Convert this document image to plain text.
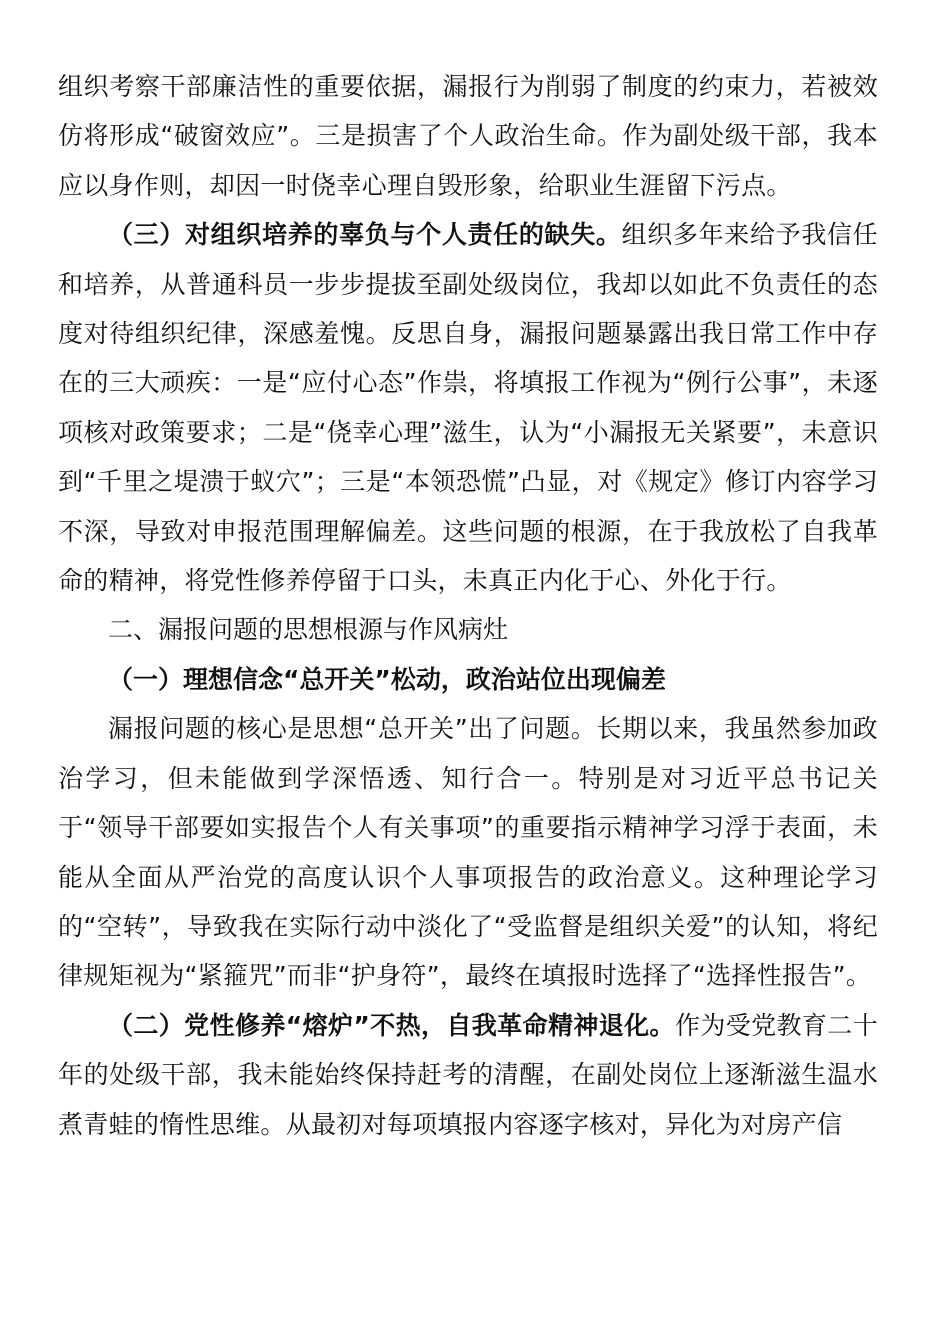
组织考察干部廉洁性的重要依据，漏报行为削弱了制度的约束力，若被效仿将形成“破窗效应”。三是损害了个人政治生命。作为副处级干部，我本应以身作则，却因一时侥幸心理自毁形象，给职业生涯留下污点。

（三）对组织培养的辜负与个人责任的缺失。组织多年来给予我信任和培养，从普通科员一步步提拔至副处级岗位，我却以如此不负责任的态度对待组织纪律，深感羞愧。反思自身，漏报问题暴露出我日常工作中存在的三大顽疾：一是“应付心态”作祟，将填报工作视为“例行公事”，未逐项核对政策要求；二是“侥幸心理”滋生，认为“小漏报无关紧要”，未意识到“千里之堤溃于蚁穴”；三是“本领恐慌”凸显，对《规定》修订内容学习不深，导致对申报范围理解偏差。这些问题的根源，在于我放松了自我革命的精神，将党性修养停留于口头，未真正内化于心、外化于行。

二、漏报问题的思想根源与作风病灶

（一）理想信念“总开关”松动，政治站位出现偏差

漏报问题的核心是思想“总开关”出了问题。长期以来，我虽然参加政治学习，但未能做到学深悟透、知行合一。特别是对习近平总书记关于“领导干部要如实报告个人有关事项”的重要指示精神学习浮于表面，未能从全面从严治党的高度认识个人事项报告的政治意义。这种理论学习的“空转”，导致我在实际行动中淡化了“受监督是组织关爱”的认知，将纪律规矩视为“紧箍咒”而非“护身符”，最终在填报时选择了“选择性报告”。

（二）党性修养“熔炉”不热，自我革命精神退化。作为受党教育二十年的处级干部，我未能始终保持赶考的清醒，在副处岗位上逐渐滋生温水煮青蛙的惰性思维。从最初对每项填报内容逐字核对，异化为对房产信
